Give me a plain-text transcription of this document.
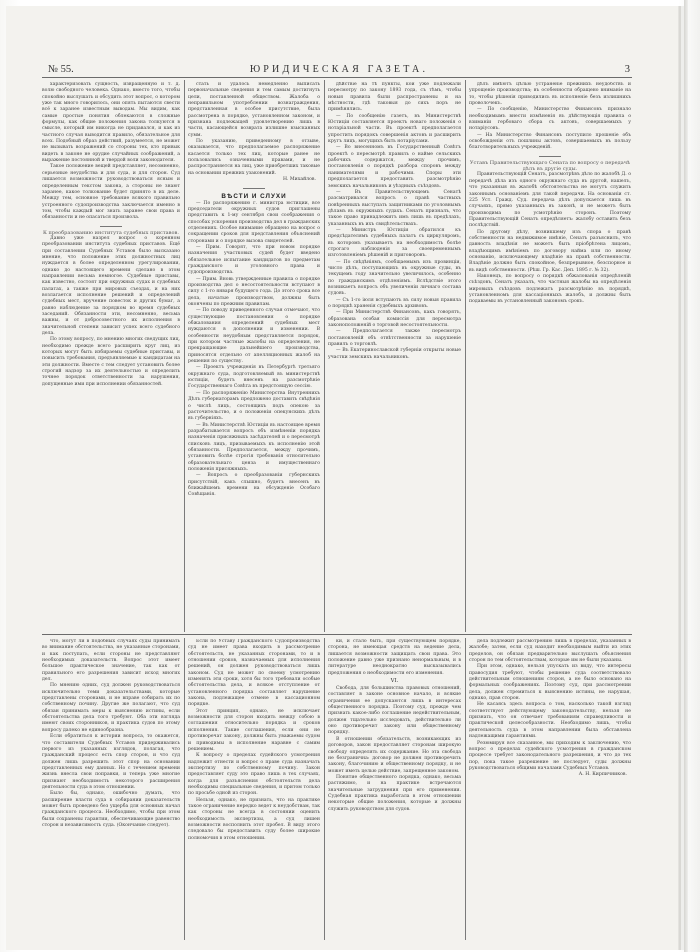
№ 55.	ЮРИДИЧЕСКАЯ ГАЗЕТА.	3

характеризовать сущность, извращенную и т. д. волю свободного человека. Однако, вместо того, чтобы спокойно выслушать и обсудить этот вопрос, о котором уже так много говорилось, они опять пытаются свести всё к заранее известным выводам. Мы видим, как самые простые понятия облекаются в сложные формулы, как общие положения закона толкуются в смысле, который им никогда не придавался, и как из частного случая выводится правило, обязательное для всех. Подобный образ действий, разумеется, не может не вызывать возражений со стороны тех, кто привык видеть в законе не орудие случайных соображений, а выражение постоянной и твердой воли законодателя.

Такое положение вещей представляет, несомненно, серьезные неудобства и для суда, и для сторон. Суд лишается возможности руководствоваться ясным и определенным текстом закона, а стороны не знают заранее, какое толкование будет принято в их деле. Между тем, основное требование всякого правильно устроенного судопроизводства заключается именно в том, чтобы каждый мог знать заранее свои права и обязанности и не опасаться произвола.

К преобразованию института судебных приставов.

Давно уже назрел вопрос о коренном преобразовании института судебных приставов. Ещё при составлении Судебных Уставов было высказано мнение, что положение этих должностных лиц нуждается в более определенном урегулировании, однако до настоящего времени сделано в этом направлении весьма немногое. Судебные приставы, как известно, состоят при окружных судах и судебных палатах, а также при мировых съездах, и на них возлагается исполнение решений и определений судебных мест, вручение повесток и других бумаг, а равно наблюдение за порядком во время судебных заседаний. Обязанности эти, несомненно, весьма важны, и от добросовестного их исполнения в значительной степени зависит успех всего судебного дела.

По этому вопросу, по мнению многих сведущих лиц, необходимо прежде всего расширить круг лиц, из которых могут быть избираемы судебные приставы, и повысить требования, предъявляемые к кандидатам на эти должности. Вместе с тем следует установить более строгий надзор за их деятельностью и определить точнее порядок ответственности за нарушения, допущенные ими при исполнении обязанностей.

стать и удалось немедленно выписать первоначальные сведения и тем самым достигнуть цели, поставленной обществом. Жалоба о неправильном употреблении вознаграждения, представленная в особое присутствие, была рассмотрена в порядке, установленном законом, и признана подлежащей удовлетворению лишь в части, касающейся возврата излишне взысканных сумм.

По указанию, приведенному в отзыве, оказывается, что предполагаемое распоряжение касается только тех лиц, которые ранее не пользовались означенными правами, и не распространяется на лиц, уже приобретших таковые на основании прежних узаконений.

Н. Михайлов.

ВѢСТИ И СЛУХИ

— По распоряжению г. министра юстиции, все председатели окружных судов приглашены представить к 1-му сентября свои соображения о способах ускорения производства дел в гражданских отделениях. Особое внимание обращено на вопрос о сокращении сроков для представления объяснений сторонами и о порядке вызова свидетелей.

— Прим. Говорят, что при новом порядке назначения участковых судей будет введено обязательное испытание кандидатов по предметам гражданского и уголовного права и судопроизводства.

— Прим. Вновь утвержденные правила о порядке производства дел о несостоятельности вступают в силу с 1-го января будущего года. До этого срока все дела, начатые производством, должны быть окончены по прежним правилам.

— По поводу приведенного случая отмечают, что существующие постановления о порядке обжалования определений судебных мест нуждаются в дополнении и изменении. В особенности неудобным представляется порядок, при котором частные жалобы на определения, не прекращающие дальнейшего производства, приносятся отдельно от апелляционных жалоб на решения по существу.

— Проектъ учрежденія въ Петербургѣ третьяго окружнаго суда, подготовляемый въ министерствѣ юстиціи, будетъ внесенъ на разсмотрѣніе Государственнаго Совѣта въ предстоящую сессію.

— По распоряженію Министерства Внутреннихъ Дѣлъ губернаторамъ предложено доставить свѣдѣнія о числѣ лицъ, состоящихъ подъ опекою за расточительство, и о положеніи опекунскихъ дѣлъ въ губерніяхъ.

— Въ Министерствѣ Юстиціи въ настоящее время разрабатывается вопросъ объ измѣненіи порядка назначенія присяжныхъ засѣдателей и о пересмотрѣ списковъ лицъ, призываемыхъ къ исполненію этой обязанности. Предполагается, между прочимъ, установить болѣе строгія требованія относительно образовательнаго ценза и имущественнаго положенія присяжныхъ.

— Вопросъ о преобразованіи губернскихъ присутствій, какъ слышно, будетъ внесенъ въ ближайшемъ времени на обсужденіе Особаго Совѣщанія.

дѣйствіе на тѣ пункты, кои уже подлежали пересмотру по закону 1893 года, съ тѣмъ, чтобы новыя правила были распространены и на мѣстности, гдѣ таковыя до сихъ поръ не примѣнялись.

— По сообщенію газетъ, въ Министерствѣ Юстиціи составляется проектъ новаго положенія о нотаріальной части. Въ проектѣ предполагается упростить порядокъ совершенія актовъ и расширить кругъ лицъ, могущихъ быть нотаріусами.

— Во внесенномъ въ Государственный Совѣтъ проектѣ о пересмотрѣ правилъ о найме сельскихъ рабочихъ содержатся, между прочимъ, постановленія о порядкѣ разбора споровъ между нанимателями и рабочими. Споры эти предполагается предоставить разсмотрѣнію земскихъ начальниковъ и уѣздныхъ съѣздовъ.

— Въ Правительствующемъ Сенатѣ разсматривался вопросъ о правѣ частныхъ повѣренныхъ выступать защитниками по уголовнымъ дѣламъ въ окружныхъ судахъ. Сенатъ призналъ, что такое право принадлежитъ имъ лишь въ предѣлахъ, указанныхъ въ ихъ свидѣтельствахъ.

— Министръ Юстиціи обратился къ предсѣдателямъ судебныхъ палатъ съ циркуляромъ, въ которомъ указываетъ на необходимость болѣе строгаго наблюденія за своевременнымъ изготовленіемъ рѣшеній и приговоровъ.

— По свѣдѣніямъ, сообщаемымъ изъ провинціи, число дѣлъ, поступающихъ въ окружные суды, въ текущемъ году значительно увеличилось, особенно по гражданскимъ отдѣленіямъ. Вслѣдствіе этого возникаетъ вопросъ объ увеличеніи личнаго состава судовъ.

— Съ 1-го іюля вступаютъ въ силу новыя правила о порядкѣ храненія судебныхъ архивовъ.

— При Министерствѣ Финансовъ, какъ говорятъ, образована особая комиссія для пересмотра законоположеній о торговой несостоятельности.

— Предполагается также пересмотръ постановленій объ отвѣтственности за нарушеніе правилъ о торговлѣ.

— Въ Екатеринославской губерніи открыты новые участки земскихъ начальниковъ.

дѣлъ имѣютъ цѣлью устраненіе прежнихъ неудобствъ и упрощеніе производства; въ особенности обращено вниманіе на то, чтобы рѣшенія приводились въ исполненіе безъ излишнихъ проволочекъ.

— По сообщенію, Министерство Финансовъ признало необходимымъ внести измѣненія въ дѣйствующія правила о взиманіи гербоваго сбора съ актовъ, совершаемыхъ у нотаріусовъ.

— На Министерство Финансовъ поступило прошеніе объ освобожденіи отъ пошлины актовъ, совершаемыхъ въ пользу благотворительныхъ учрежденій.

Уставъ Правительствующаго Сената по вопросу о передачѣ дѣлъ въ другіе суды.

Правительствующій Сенатъ, разсмотрѣвъ дѣло по жалобѣ Д. о передачѣ дѣла изъ одного окружнаго суда въ другой, нашелъ, что указанныя въ жалобѣ обстоятельства не могутъ служить законнымъ основаніемъ для такой передачи. На основаніи ст. 225 Уст. Гражд. Суд. передача дѣлъ допускается лишь въ случаяхъ, прямо указанныхъ въ законѣ, и не можетъ быть производима по усмотрѣнію сторонъ. Поэтому Правительствующій Сенатъ опредѣляетъ: жалобу оставить безъ послѣдствій.

По другому дѣлу, возникшему изъ спора о правѣ собственности на недвижимое имѣніе, Сенатъ разъяснилъ, что давность владѣнія не можетъ быть пріобрѣтена лицомъ, владѣющимъ имѣніемъ по договору найма или по иному основанію, исключающему владѣніе на правѣ собственности. Владѣніе должно быть спокойное, безпрерывное, безспорное и въ видѣ собственности. (Рѣш. Гр. Кас. Деп. 1895 г. № 32).

Наконецъ, по вопросу о порядкѣ обжалованія опредѣленій съѣздовъ, Сенатъ указалъ, что частныя жалобы на опредѣленія мировыхъ съѣздовъ подлежатъ разсмотрѣнію въ порядкѣ, установленномъ для кассаціонныхъ жалобъ, и должны быть подаваемы въ установленный закономъ срокъ.

что, могут ли в подобных случаях суды принимать во внимание обстоятельства, не указанные сторонами, и как поступать, если стороны не представляют необходимых доказательств. Вопрос этот имеет большое практическое значение, так как от правильного его разрешения зависит исход многих дел.

По мнению одних, суд должен руководствоваться исключительно теми доказательствами, которые представлены сторонами, и не вправе собирать их по собственному почину. Другие же полагают, что суд обязан принимать меры к выяснению истины, если обстоятельства дела того требуют. Оба эти взгляда имеют своих сторонников, и практика судов по этому вопросу далеко не единообразна.

Если обратиться к истории вопроса, то окажется, что составители Судебных Уставов придерживались первого из указанных взглядов, полагая, что гражданский процесс есть спор сторон, и что суд должен лишь разрешить этот спор на основании представленных ему данных. Но с течением времени жизнь внесла свои поправки, и теперь уже многие признают необходимость некоторого расширения деятельности суда в этом отношении.

Было бы, однако, ошибочно думать, что расширение власти суда в собирании доказательств может быть проведено без ущерба для основных начал гражданского процесса. Необходимо, чтобы при этом были сохранены гарантии, обеспечивающие равенство сторон и независимость суда. (Окончание следует).

Если по Уставу Гражданского Судопроизводства суд не имеет права входить в рассмотрение обстоятельств, не указанных сторонами, то и в отношении сроков, назначаемых для исполнения решений, он должен руководствоваться лишь законом. Суд не может по своему усмотрению изменять эти сроки, хотя бы того требовали особые обстоятельства дела, и всякое отступление от установленного порядка составляет нарушение закона, подлежащее отмене в кассационном порядке.

Этот принцип, однако, не исключает возможности для сторон входить между собою в соглашения относительно порядка и сроков исполнения. Такие соглашения, если они не противоречат закону, должны быть уважаемы судом и приводимы в исполнение наравне с самим решением.

К вопросу о пределах судейского усмотрения надлежит отнести и вопрос о праве суда назначать экспертизу по собственному почину. Закон предоставляет суду это право лишь в тех случаях, когда для разъяснения обстоятельств дела необходимы специальные сведения, и притом только по просьбе одной из сторон.

Нельзя, однако, не признать, что на практике такое ограничение нередко ведет к неудобствам, так как стороны не всегда в состоянии оценить необходимость экспертизы, а суд лишен возможности восполнить этот пробел. В виду этого следовало бы предоставить суду более широкие полномочия в этом отношении.

ки, и стало быть, при существующем порядке, сторона, не имеющая средств на ведение дела, лишается возможности защищать свои права. Это положение давно уже признано ненормальным, и в литературе неоднократно высказывались предложения о необходимости его изменения.

VI.

Свобода, для большинства правовых отношений, составляет в законе основное начало, и всякие ограничения ее допускаются лишь в интересах общественного порядка. Поэтому суд, прежде чем признать какое-либо соглашение недействительным, должен тщательно исследовать, действительно ли оно противоречит закону или общественному порядку.

В отношении обязательств, возникающих из договоров, закон предоставляет сторонам широкую свободу определять их содержание. Но эта свобода не безгранична: договор не должен противоречить закону, благочинию и общественному порядку, и не может иметь целью действие, запрещенное законом.

Понятие общественного порядка, однако, весьма растяжимо, и на практике встречаются значительные затруднения при его применении. Судебная практика выработала в этом отношении некоторые общие положения, которые и должны служить руководством для судов.

дела подлежит рассмотрению лишь в пределах, указанных в жалобе; затем, если суд находит необходимым выйти из этих пределов, он обязан предварительно выслушать объяснения сторон по тем обстоятельствам, которые им не были указаны.

При этом, однако, нельзя упускать из виду, что интересы правосудия требуют, чтобы решение суда соответствовало действительным отношениям сторон, а не было основано на формальных соображениях. Поэтому суд, при рассмотрении дела, должен стремиться к выяснению истины, не нарушая, однако, прав сторон.

Не касаясь здесь вопроса о том, насколько такой взгляд соответствует действующему законодательству, нельзя не признать, что он отвечает требованиям справедливости и практической целесообразности. Необходимо лишь, чтобы деятельность суда в этом направлении была обставлена надлежащими гарантиями.

Резюмируя все сказанное, мы приходим к заключению, что вопрос о пределах судейского усмотрения в гражданском процессе требует законодательного разрешения, и что до тех пор, пока такое разрешение не последует, суды должны руководствоваться общими началами Судебных Уставов.

А. Н. Кирпичников.
